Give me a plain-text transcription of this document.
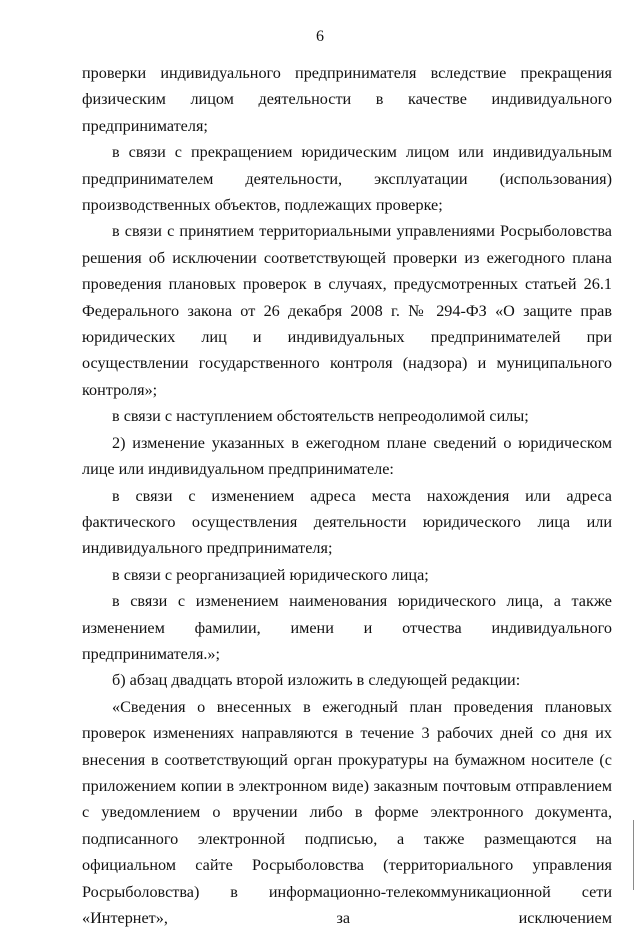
6

проверки индивидуального предпринимателя вследствие прекращения физическим лицом деятельности в качестве индивидуального предпринимателя;

в связи с прекращением юридическим лицом или индивидуальным предпринимателем деятельности, эксплуатации (использования) производственных объектов, подлежащих проверке;

в связи с принятием территориальными управлениями Росрыболовства решения об исключении соответствующей проверки из ежегодного плана проведения плановых проверок в случаях, предусмотренных статьей 26.1 Федерального закона от 26 декабря 2008 г. № 294-ФЗ «О защите прав юридических лиц и индивидуальных предпринимателей при осуществлении государственного контроля (надзора) и муниципального контроля»;

в связи с наступлением обстоятельств непреодолимой силы;

2) изменение указанных в ежегодном плане сведений о юридическом лице или индивидуальном предпринимателе:

в связи с изменением адреса места нахождения или адреса фактического осуществления деятельности юридического лица или индивидуального предпринимателя;

в связи с реорганизацией юридического лица;

в связи с изменением наименования юридического лица, а также изменением фамилии, имени и отчества индивидуального предпринимателя.»;

б) абзац двадцать второй изложить в следующей редакции:

«Сведения о внесенных в ежегодный план проведения плановых проверок изменениях направляются в течение 3 рабочих дней со дня их внесения в соответствующий орган прокуратуры на бумажном носителе (с приложением копии в электронном виде) заказным почтовым отправлением с уведомлением о вручении либо в форме электронного документа, подписанного электронной подписью, а также размещаются на официальном сайте Росрыболовства (территориального управления Росрыболовства) в информационно-телекоммуникационной сети «Интернет», за исключением
